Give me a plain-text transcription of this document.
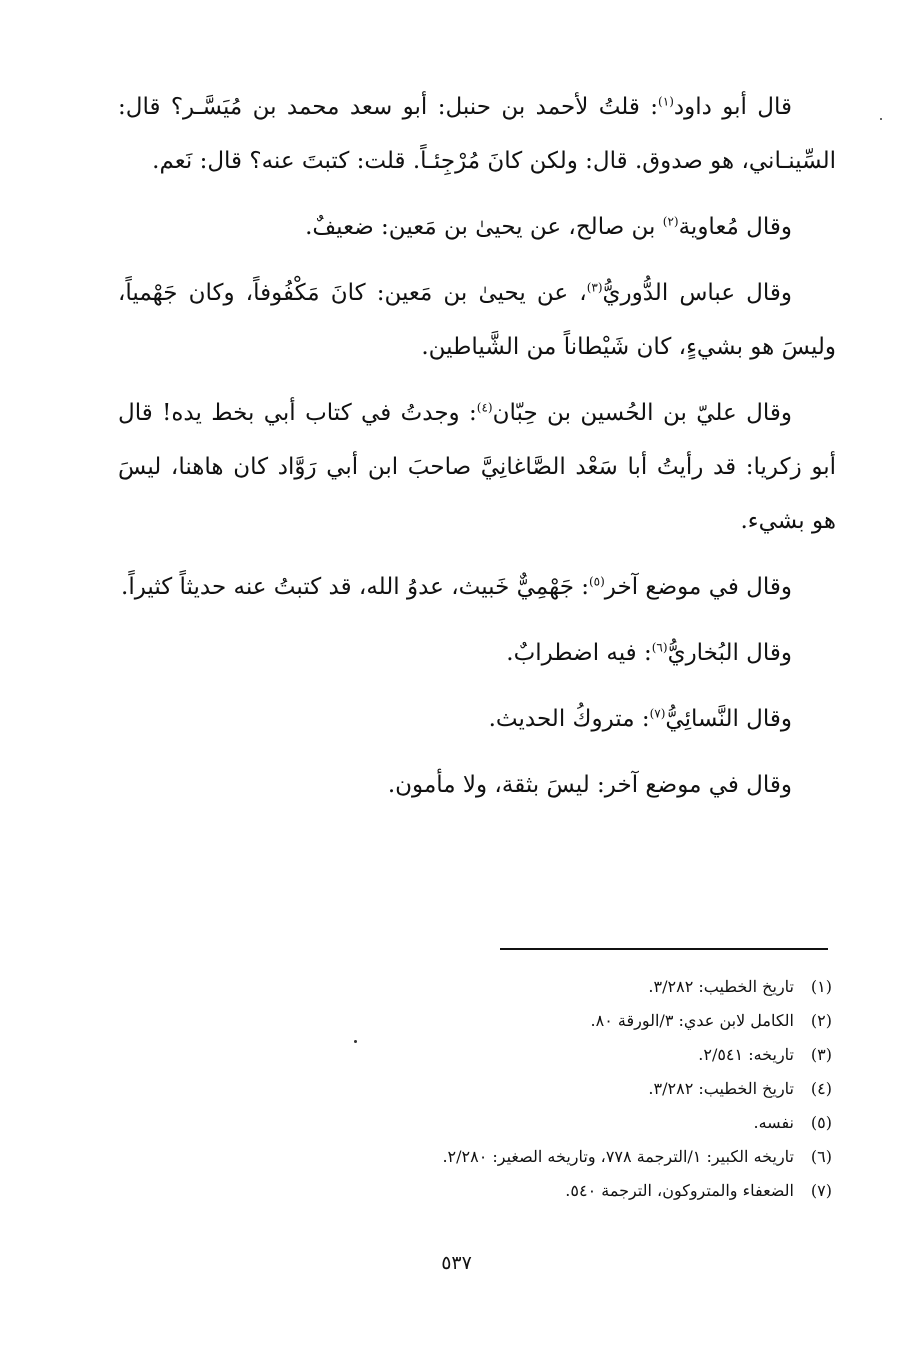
قال أبو داود$^{(١)}$: قلتُ لأحمد بن حنبل: أبو سعد محمد بن مُيَسَّـر؟ قال: السِّينـاني، هو صدوق. قال: ولكن كانَ مُرْجِئـاً. قلت: كتبتَ عنه؟ قال: نَعم.

وقال مُعاوية$^{(٢)}$ بن صالح، عن يحيىٰ بن مَعين: ضعيفٌ.

وقال عباس الدُّوريُّ$^{(٣)}$، عن يحيىٰ بن مَعين: كانَ مَكْفُوفاً، وكان جَهْمياً، وليسَ هو بشيءٍ، كان شَيْطاناً من الشَّياطين.

وقال عليّ بن الحُسين بن حِبّان$^{(٤)}$: وجدتُ في كتاب أبي بخط يده! قال أبو زكريا: قد رأيتُ أبا سَعْد الصَّاغانِيَّ صاحبَ ابن أبي رَوَّاد كان هاهنا، ليسَ هو بشيء.

وقال في موضع آخر$^{(٥)}$: جَهْمِيٌّ خَبيث، عدوُ الله، قد كتبتُ عنه حديثاً كثيراً.

وقال البُخاريُّ$^{(٦)}$: فيه اضطرابٌ.

وقال النَّسائِيُّ$^{(٧)}$: متروكُ الحديث.

وقال في موضع آخر: ليسَ بثقة، ولا مأمون.

(١)
تاريخ الخطيب: ٣/٢٨٢.
(٢)
الكامل لابن عدي: ٣/الورقة ٨٠.
(٣)
تاريخه: ٢/٥٤١.
(٤)
تاريخ الخطيب: ٣/٢٨٢.
(٥)
نفسه.
(٦)
تاريخه الكبير: ١/الترجمة ٧٧٨، وتاريخه الصغير: ٢/٢٨٠.
(٧)
الضعفاء والمتروكون، الترجمة ٥٤٠.
٥٣٧
